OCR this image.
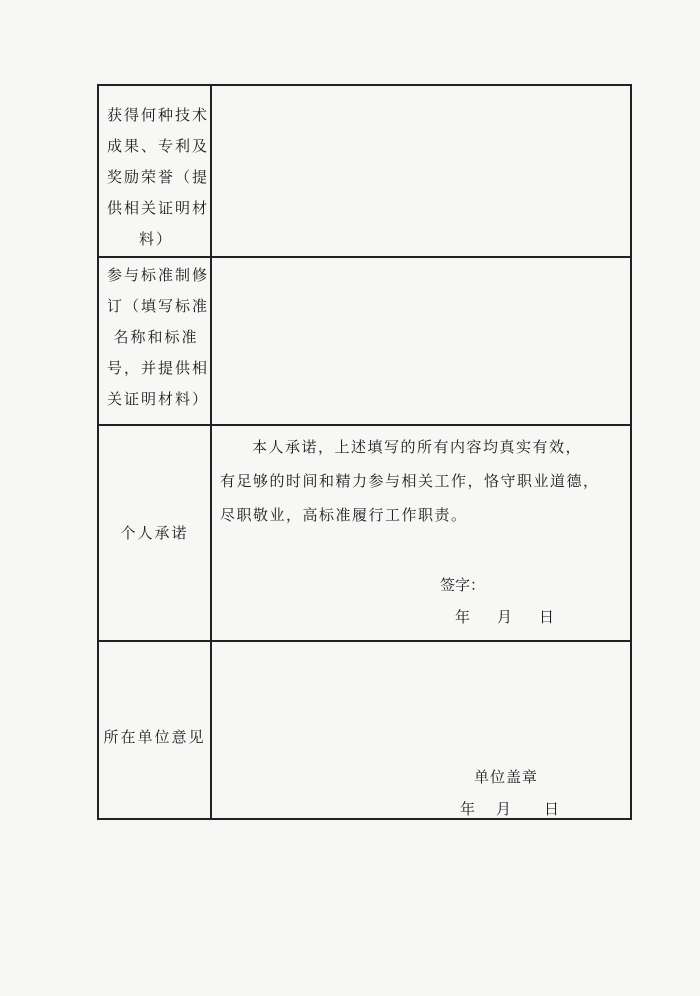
获得何种技术
成果、专利及
奖励荣誉（提
供相关证明材
料）
参与标准制修
订（填写标准
名称和标准
号，并提供相
关证明材料）
个人承诺
本人承诺，上述填写的所有内容均真实有效，
有足够的时间和精力参与相关工作，恪守职业道德，
尽职敬业，高标准履行工作职责。
签字：
年 月 日
所在单位意见
单位盖章
年 月 日
